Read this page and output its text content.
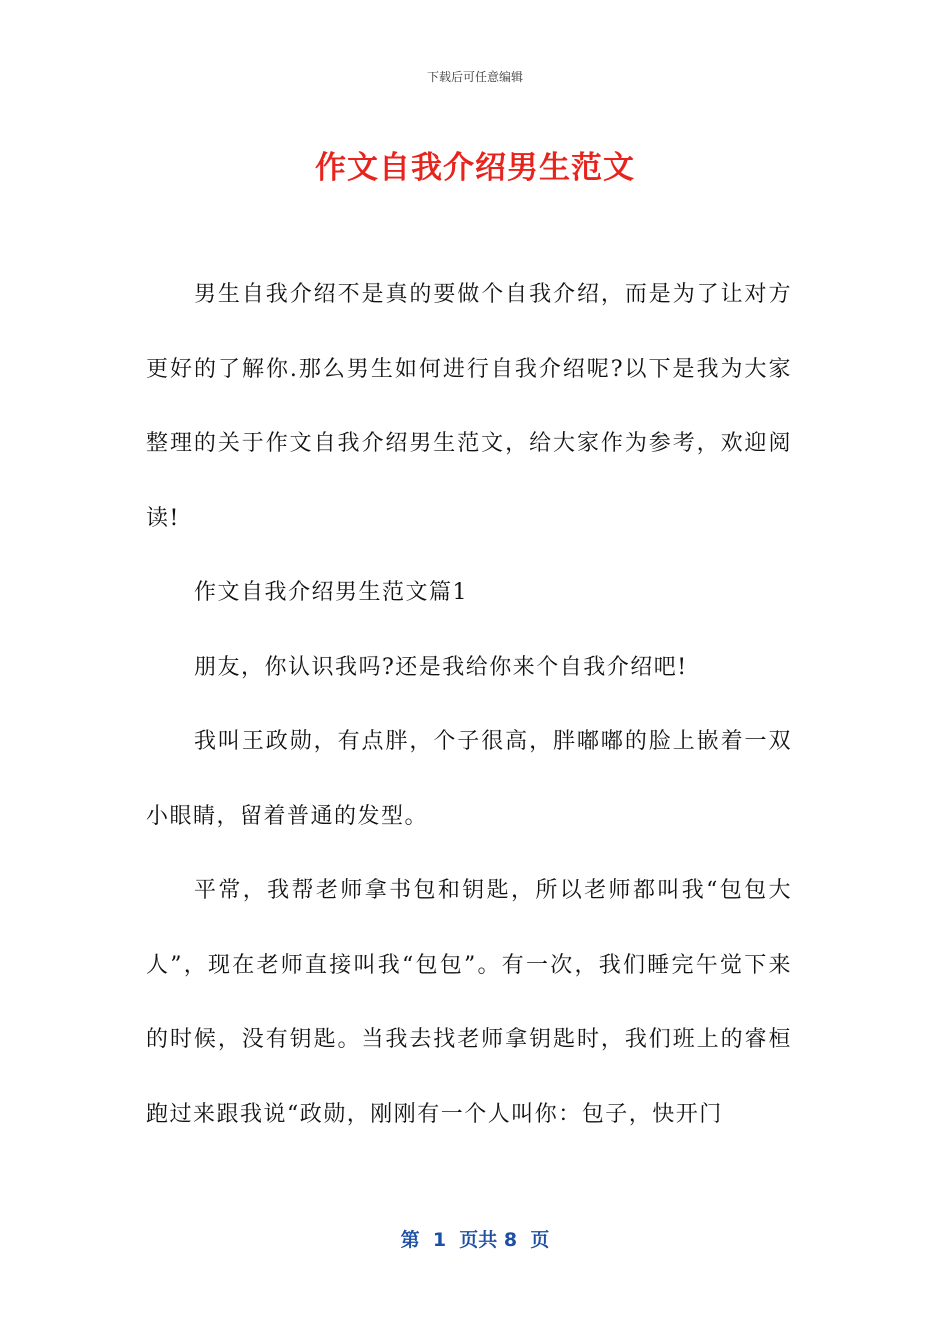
下载后可任意编辑
作文自我介绍男生范文

男生自我介绍不是真的要做个自我介绍，而是为了让对方更好的了解你.那么男生如何进行自我介绍呢?以下是我为大家整理的关于作文自我介绍男生范文，给大家作为参考，欢迎阅读!

作文自我介绍男生范文篇1

朋友，你认识我吗?还是我给你来个自我介绍吧!

我叫王政勋，有点胖，个子很高，胖嘟嘟的脸上嵌着一双小眼睛，留着普通的发型。

平常，我帮老师拿书包和钥匙，所以老师都叫我“包包大人”，现在老师直接叫我“包包”。有一次，我们睡完午觉下来的时候，没有钥匙。当我去找老师拿钥匙时，我们班上的睿桓跑过来跟我说“政勋，刚刚有一个人叫你：包子，快开门

第  1  页共 8  页
